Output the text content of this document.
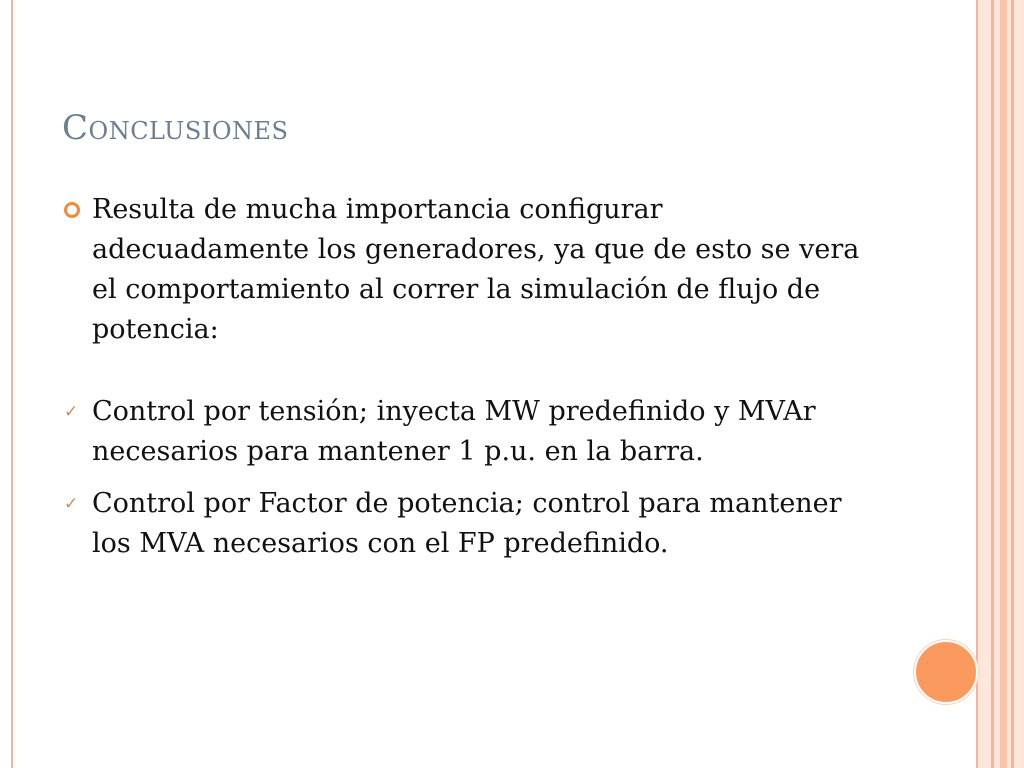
Conclusiones
Resulta de mucha importancia configurar adecuadamente los generadores, ya que de esto se vera el comportamiento al correr la simulación de flujo de potencia:
✓ Control por tensión; inyecta MW predefinido y MVAr necesarios para mantener 1 p.u. en la barra.
✓ Control por Factor de potencia; control para mantener los MVA necesarios con el FP predefinido.
